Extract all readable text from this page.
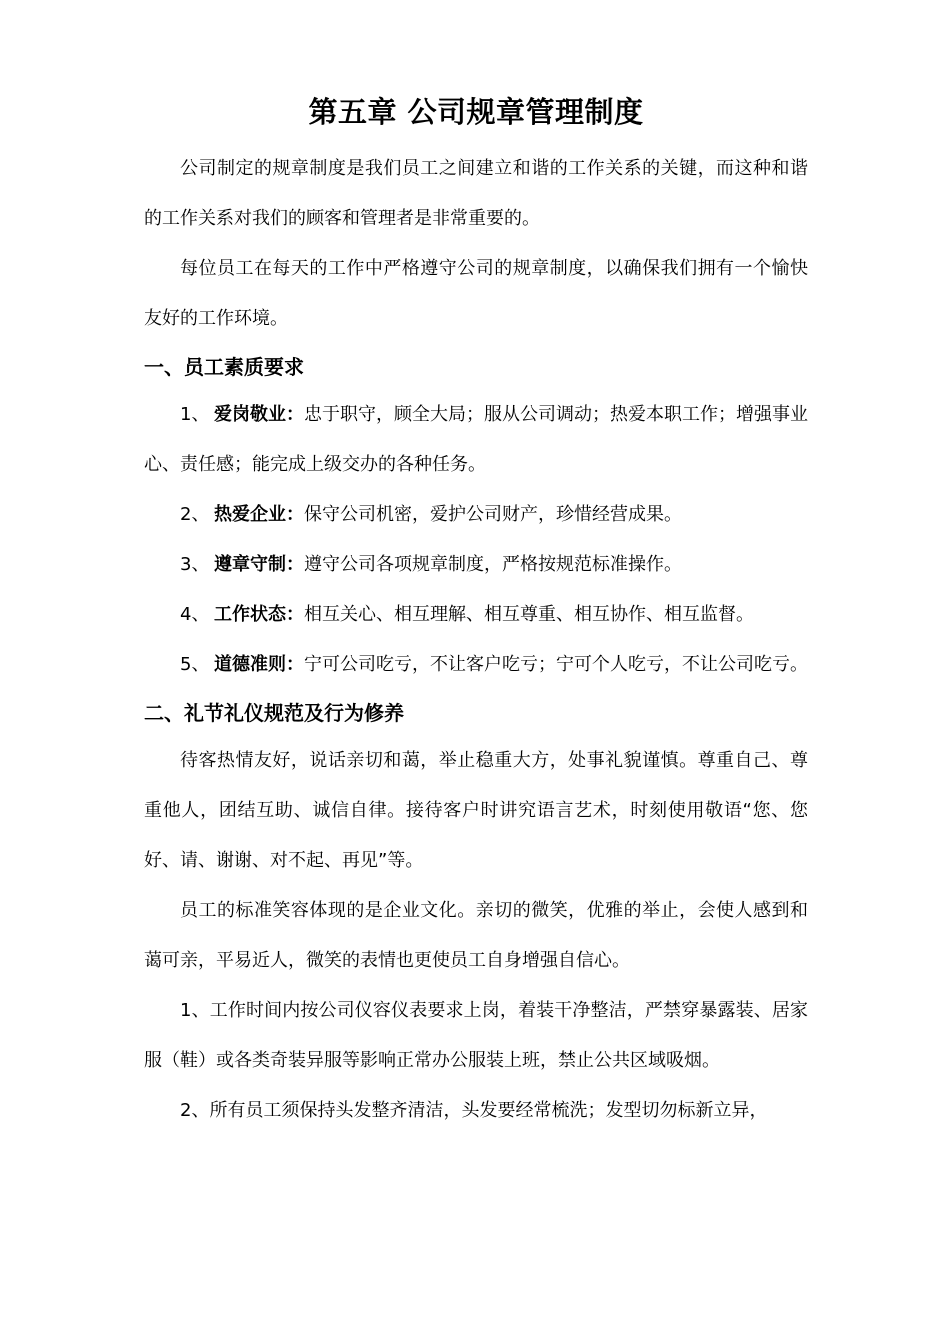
第五章 公司规章管理制度

公司制定的规章制度是我们员工之间建立和谐的工作关系的关键，而这种和谐的工作关系对我们的顾客和管理者是非常重要的。

每位员工在每天的工作中严格遵守公司的规章制度，以确保我们拥有一个愉快友好的工作环境。

一、员工素质要求

1、 爱岗敬业：忠于职守，顾全大局；服从公司调动；热爱本职工作；增强事业心、责任感；能完成上级交办的各种任务。

2、 热爱企业：保守公司机密，爱护公司财产，珍惜经营成果。

3、 遵章守制：遵守公司各项规章制度，严格按规范标准操作。

4、 工作状态：相互关心、相互理解、相互尊重、相互协作、相互监督。

5、 道德准则：宁可公司吃亏，不让客户吃亏；宁可个人吃亏，不让公司吃亏。

二、礼节礼仪规范及行为修养

待客热情友好，说话亲切和蔼，举止稳重大方，处事礼貌谨慎。尊重自己、尊重他人，团结互助、诚信自律。接待客户时讲究语言艺术，时刻使用敬语“您、您好、请、谢谢、对不起、再见”等。

员工的标准笑容体现的是企业文化。亲切的微笑，优雅的举止，会使人感到和蔼可亲，平易近人，微笑的表情也更使员工自身增强自信心。

1、工作时间内按公司仪容仪表要求上岗，着装干净整洁，严禁穿暴露装、居家服（鞋）或各类奇装异服等影响正常办公服装上班，禁止公共区域吸烟。

2、所有员工须保持头发整齐清洁，头发要经常梳洗；发型切勿标新立异，
